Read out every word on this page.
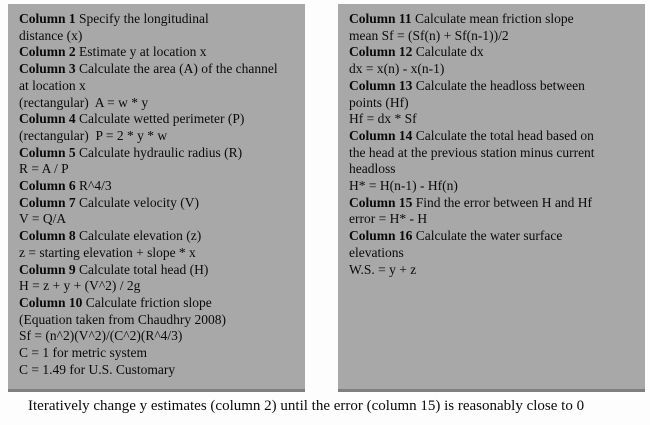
Column 1 Specify the longitudinal

distance (x)

Column 2 Estimate y at location x

Column 3 Calculate the area (A) of the channel

at location x

(rectangular)  A = w * y

Column 4 Calculate wetted perimeter (P)

(rectangular)  P = 2 * y * w

Column 5 Calculate hydraulic radius (R)

R = A / P

Column 6 R^4/3

Column 7 Calculate velocity (V)

V = Q/A

Column 8 Calculate elevation (z)

z = starting elevation + slope * x

Column 9 Calculate total head (H)

H = z + y + (V^2) / 2g

Column 10 Calculate friction slope

(Equation taken from Chaudhry 2008)

Sf = (n^2)(V^2)/(C^2)(R^4/3)

C = 1 for metric system

C = 1.49 for U.S. Customary

Column 11 Calculate mean friction slope

mean Sf = (Sf(n) + Sf(n-1))/2

Column 12 Calculate dx

dx = x(n) - x(n-1)

Column 13 Calculate the headloss between

points (Hf)

Hf = dx * Sf

Column 14 Calculate the total head based on

the head at the previous station minus current

headloss

H* = H(n-1) - Hf(n)

Column 15 Find the error between H and Hf

error = H* - H

Column 16 Calculate the water surface

elevations

W.S. = y + z

Iteratively change y estimates (column 2) until the error (column 15) is reasonably close to 0
